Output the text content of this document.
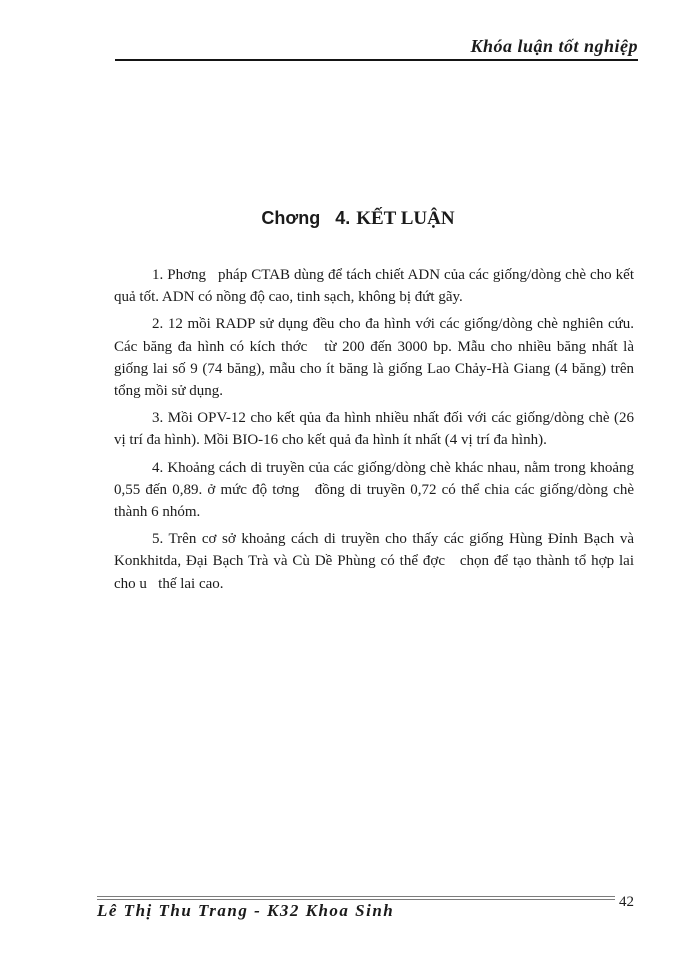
Khóa luận tốt nghiệp

Chơng   4. KẾT LUẬN

1. Phơng   pháp CTAB dùng để tách chiết ADN của các giống/dòng chè cho kết quả tốt. ADN có nồng độ cao, tinh sạch, không bị đứt gãy.

2. 12 mồi RADP sử dụng đều cho đa hình với các giống/dòng chè nghiên cứu.  Các băng đa hình có kích thớc   từ 200 đến 3000 bp. Mẫu cho nhiều băng nhất là giống lai số 9 (74 băng), mẫu cho ít băng là giống Lao Chảy-Hà Giang (4 băng) trên tổng mồi sử dụng.

3. Mồi OPV-12 cho kết qủa đa hình nhiều nhất đối với các giống/dòng chè (26 vị trí đa hình). Mồi BIO-16 cho kết quả đa hình ít nhất (4 vị trí đa hình).

4. Khoảng cách di truyền của các giống/dòng chè khác nhau, nằm trong khoảng 0,55 đến 0,89. ở mức độ tơng   đồng di truyền 0,72 có thể chia các giống/dòng chè thành 6 nhóm.

5. Trên cơ sở khoảng cách di truyền cho thấy các giống Hùng Đỉnh Bạch và Konkhitda, Đại Bạch Trà và Cù Dề Phùng có thể đợc   chọn để tạo thành tổ hợp lai cho u   thế lai cao.

Lê Thị Thu Trang - K32 Khoa Sinh	42
